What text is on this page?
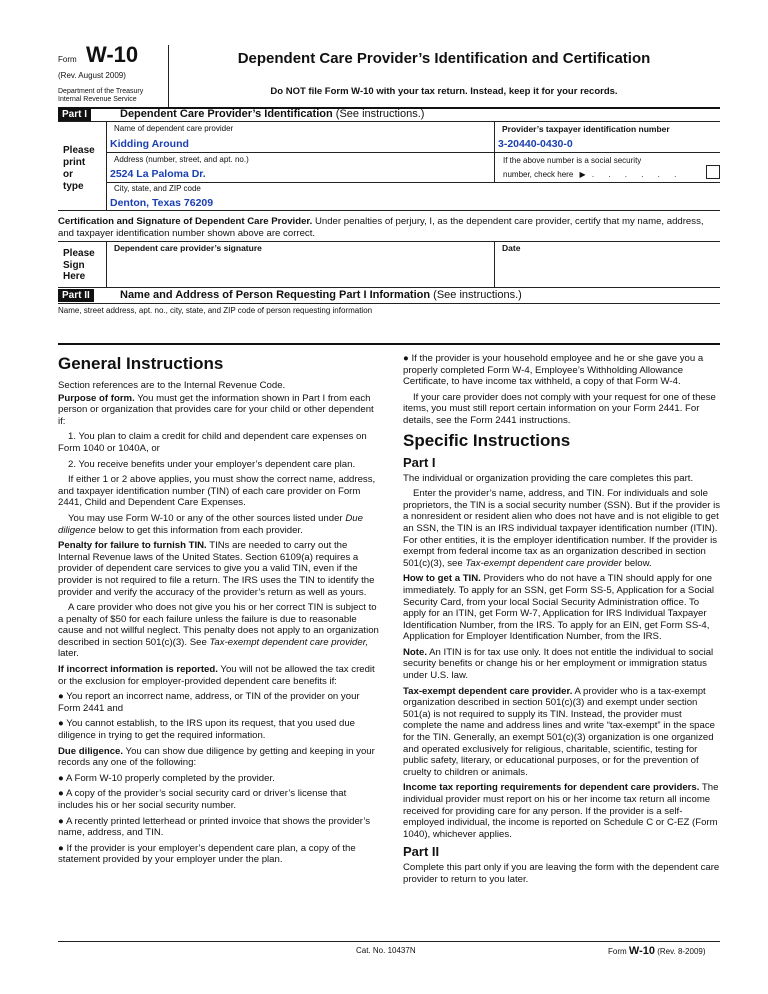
Form W-10
(Rev. August 2009)
Department of the Treasury
Internal Revenue Service
Dependent Care Provider’s Identification and Certification
Do NOT file Form W-10 with your tax return. Instead, keep it for your records.
Part I	Dependent Care Provider’s Identification (See instructions.)
Please
print
or
type
Name of dependent care provider
Kidding Around
Address (number, street, and apt. no.)
2524 La Paloma Dr.
City, state, and ZIP code
Denton, Texas 76209
Provider’s taxpayer identification number
3-20440-0430-0
If the above number is a social security
number, check here ▶ . . . . . .
Certification and Signature of Dependent Care Provider. Under penalties of perjury, I, as the dependent care provider, certify that my name, address, and taxpayer identification number shown above are correct.
Please
Sign
Here
Dependent care provider’s signature	Date
Part II	Name and Address of Person Requesting Part I Information (See instructions.)
Name, street address, apt. no., city, state, and ZIP code of person requesting information
General Instructions

Section references are to the Internal Revenue Code.

Purpose of form. You must get the information shown in Part I from each person or organization that provides care for your child or other dependent if:

1. You plan to claim a credit for child and dependent care expenses on Form 1040 or 1040A, or

2. You receive benefits under your employer’s dependent care plan.

If either 1 or 2 above applies, you must show the correct name, address, and taxpayer identification number (TIN) of each care provider on Form 2441, Child and Dependent Care Expenses.

You may use Form W-10 or any of the other sources listed under Due diligence below to get this information from each provider.

Penalty for failure to furnish TIN. TINs are needed to carry out the Internal Revenue laws of the United States. Section 6109(a) requires a provider of dependent care services to give you a valid TIN, even if the provider is not required to file a return. The IRS uses the TIN to identify the provider and verify the accuracy of the provider’s return as well as yours.

A care provider who does not give you his or her correct TIN is subject to a penalty of $50 for each failure unless the failure is due to reasonable cause and not willful neglect. This penalty does not apply to an organization described in section 501(c)(3). See Tax-exempt dependent care provider, later.

If incorrect information is reported. You will not be allowed the tax credit or the exclusion for employer-provided dependent care benefits if:

● You report an incorrect name, address, or TIN of the provider on your Form 2441 and

● You cannot establish, to the IRS upon its request, that you used due diligence in trying to get the required information.

Due diligence. You can show due diligence by getting and keeping in your records any one of the following:

● A Form W-10 properly completed by the provider.

● A copy of the provider’s social security card or driver’s license that includes his or her social security number.

● A recently printed letterhead or printed invoice that shows the provider’s name, address, and TIN.

● If the provider is your employer’s dependent care plan, a copy of the statement provided by your employer under the plan.

● If the provider is your household employee and he or she gave you a properly completed Form W-4, Employee’s Withholding Allowance Certificate, to have income tax withheld, a copy of that Form W-4.

If your care provider does not comply with your request for one of these items, you must still report certain information on your Form 2441. For details, see the Form 2441 instructions.

Specific Instructions
Part I

The individual or organization providing the care completes this part.

Enter the provider’s name, address, and TIN. For individuals and sole proprietors, the TIN is a social security number (SSN). But if the provider is a nonresident or resident alien who does not have and is not eligible to get an SSN, the TIN is an IRS individual taxpayer identification number (ITIN). For other entities, it is the employer identification number. If the provider is exempt from federal income tax as an organization described in section 501(c)(3), see Tax-exempt dependent care provider below.

How to get a TIN. Providers who do not have a TIN should apply for one immediately. To apply for an SSN, get Form SS-5, Application for a Social Security Card, from your local Social Security Administration office. To apply for an ITIN, get Form W-7, Application for IRS Individual Taxpayer Identification Number, from the IRS. To apply for an EIN, get Form SS-4, Application for Employer Identification Number, from the IRS.

Note. An ITIN is for tax use only. It does not entitle the individual to social security benefits or change his or her employment or immigration status under U.S. law.

Tax-exempt dependent care provider. A provider who is a tax-exempt organization described in section 501(c)(3) and exempt under section 501(a) is not required to supply its TIN. Instead, the provider must complete the name and address lines and write “tax-exempt” in the space for the TIN. Generally, an exempt 501(c)(3) organization is one organized and operated exclusively for religious, charitable, scientific, testing for public safety, literary, or educational purposes, or for the prevention of cruelty to children or animals.

Income tax reporting requirements for dependent care providers. The individual provider must report on his or her income tax return all income received for providing care for any person. If the provider is a self-employed individual, the income is reported on Schedule C or C-EZ (Form 1040), whichever applies.

Part II

Complete this part only if you are leaving the form with the dependent care provider to return to you later.

Cat. No. 10437N	Form W-10 (Rev. 8-2009)
